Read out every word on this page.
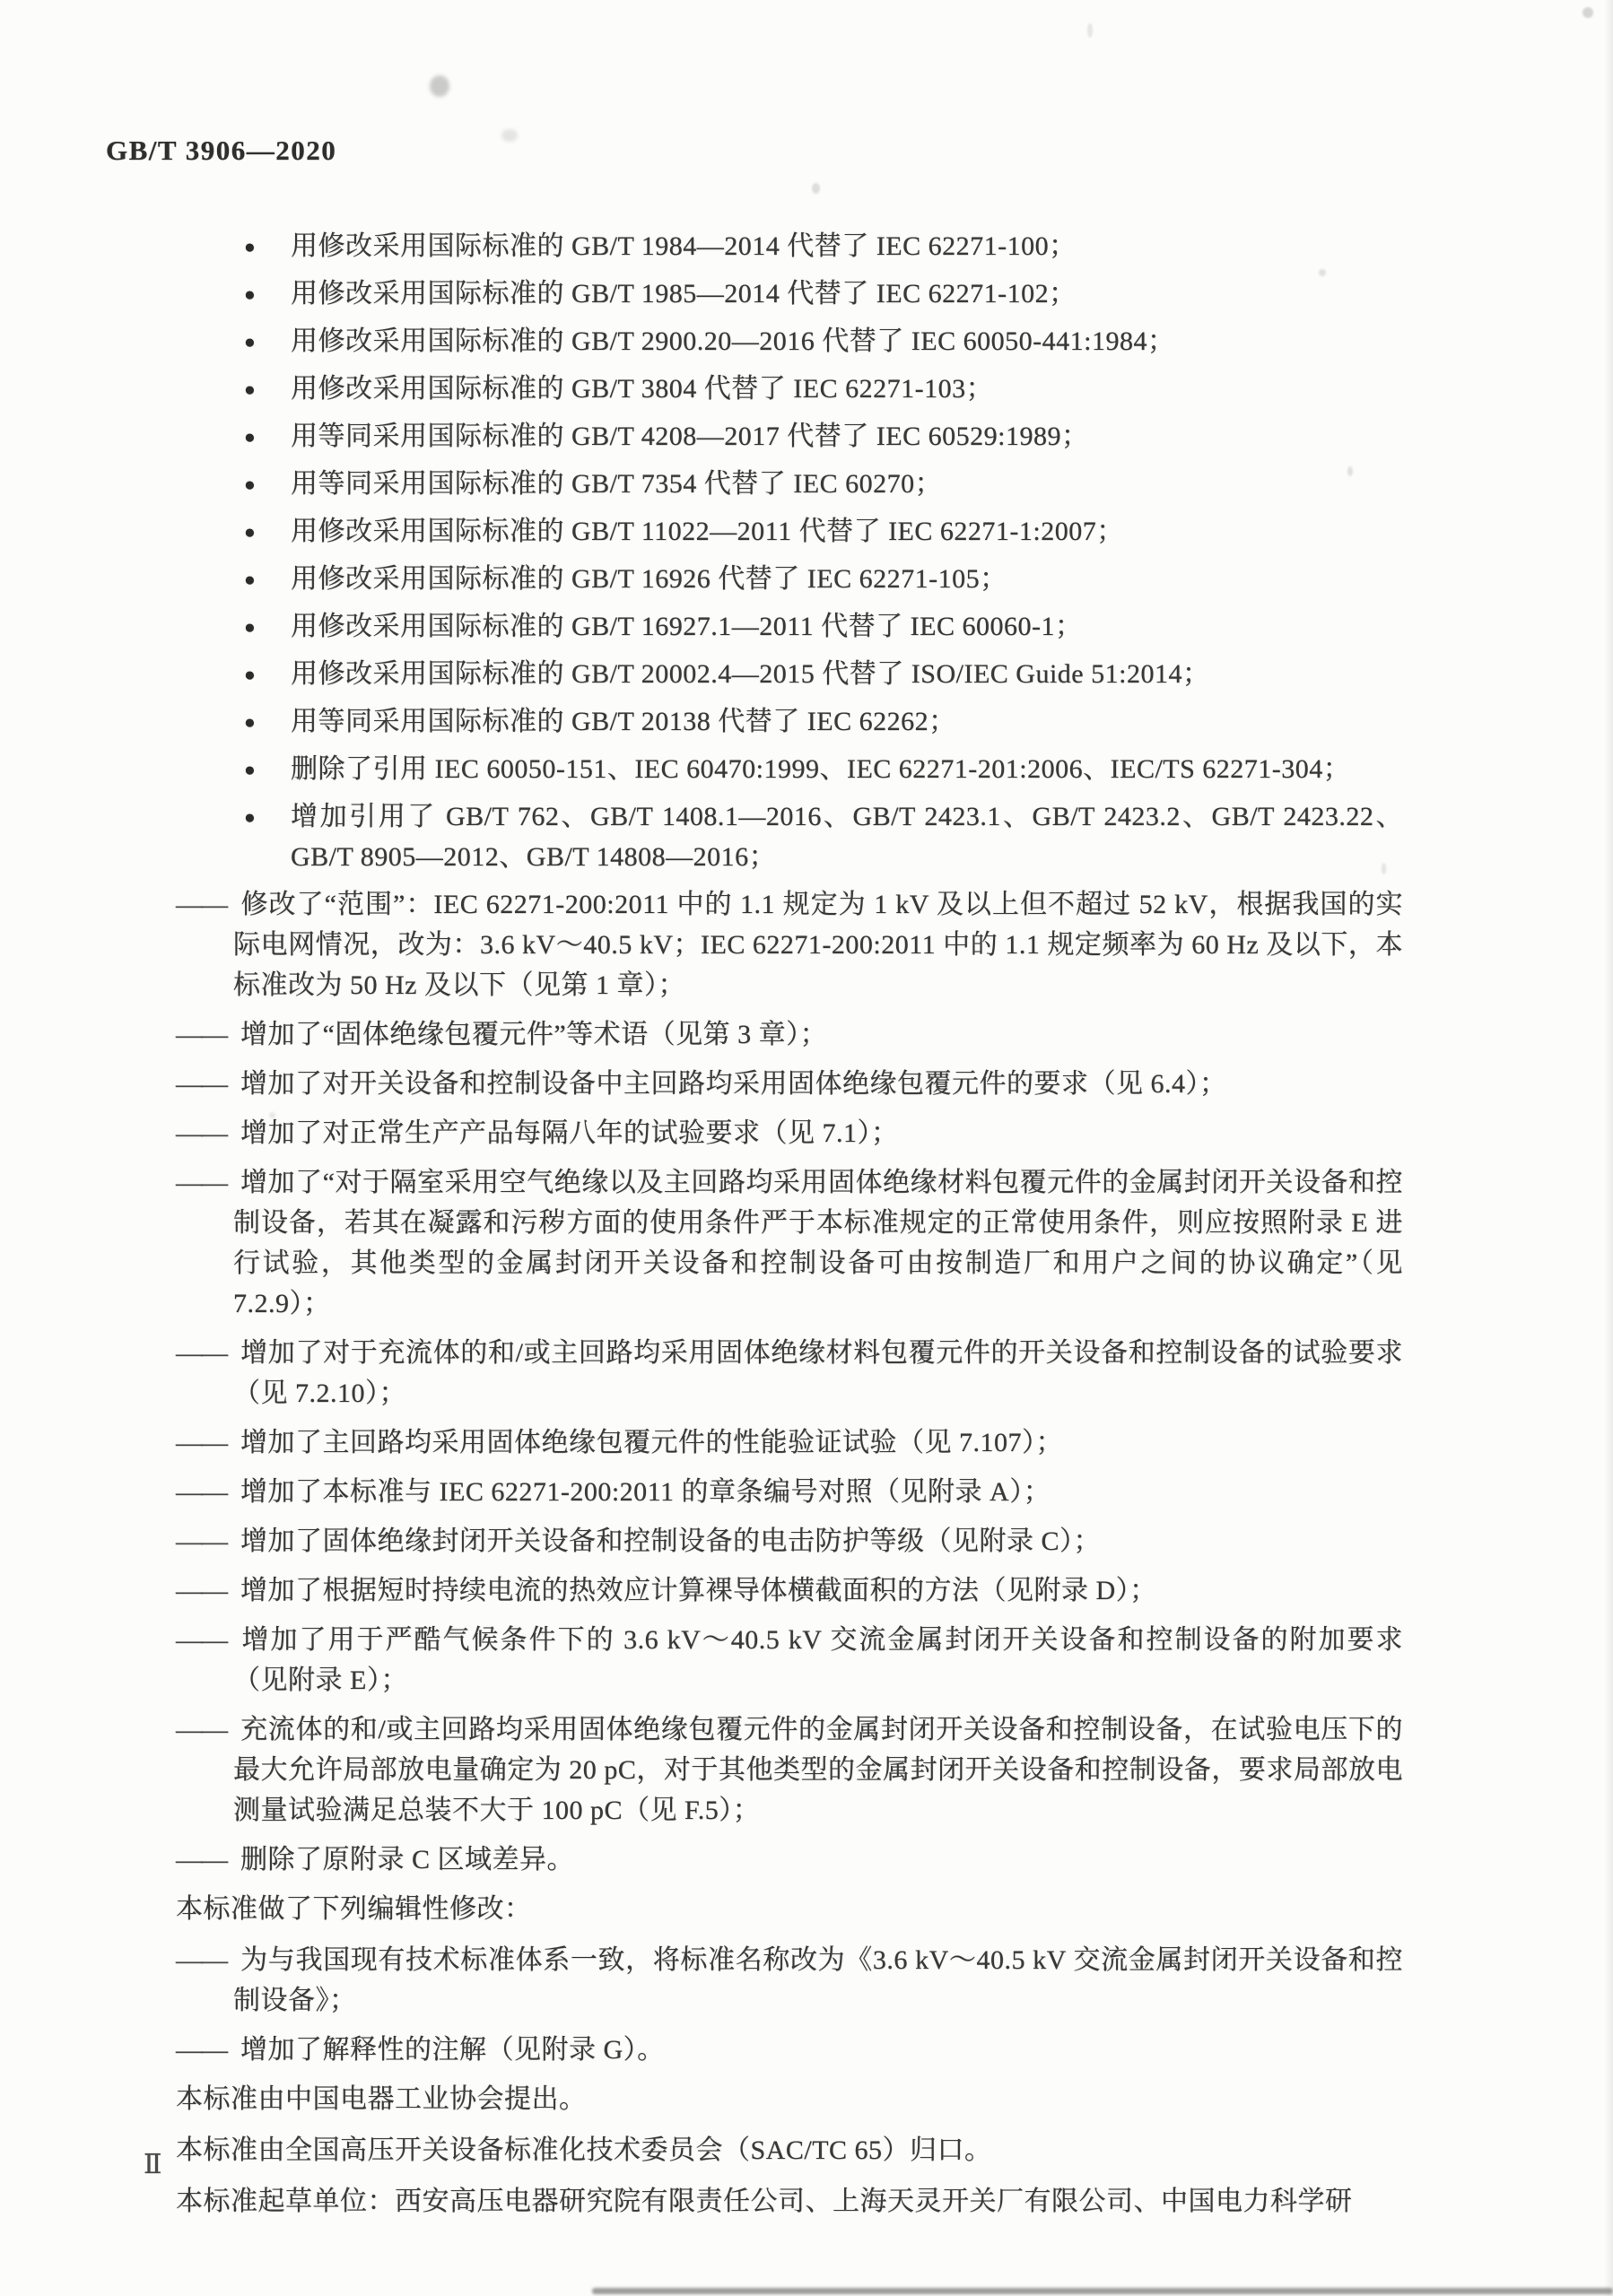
GB/T 3906—2020
● 用修改采用国际标准的 GB/T 1984—2014 代替了 IEC 62271-100；
● 用修改采用国际标准的 GB/T 1985—2014 代替了 IEC 62271-102；
● 用修改采用国际标准的 GB/T 2900.20—2016 代替了 IEC 60050-441:1984；
● 用修改采用国际标准的 GB/T 3804 代替了 IEC 62271-103；
● 用等同采用国际标准的 GB/T 4208—2017 代替了 IEC 60529:1989；
● 用等同采用国际标准的 GB/T 7354 代替了 IEC 60270；
● 用修改采用国际标准的 GB/T 11022—2011 代替了 IEC 62271-1:2007；
● 用修改采用国际标准的 GB/T 16926 代替了 IEC 62271-105；
● 用修改采用国际标准的 GB/T 16927.1—2011 代替了 IEC 60060-1；
● 用修改采用国际标准的 GB/T 20002.4—2015 代替了 ISO/IEC Guide 51:2014；
● 用等同采用国际标准的 GB/T 20138 代替了 IEC 62262；
● 删除了引用 IEC 60050-151、IEC 60470:1999、IEC 62271-201:2006、IEC/TS 62271-304；
● 增加引用了 GB/T 762、GB/T 1408.1—2016、GB/T 2423.1、GB/T 2423.2、GB/T 2423.22、GB/T 8905—2012、GB/T 14808—2016；
—— 修改了“范围”：IEC 62271-200:2011 中的 1.1 规定为 1 kV 及以上但不超过 52 kV，根据我国的实际电网情况，改为：3.6 kV～40.5 kV；IEC 62271-200:2011 中的 1.1 规定频率为 60 Hz 及以下，本标准改为 50 Hz 及以下（见第 1 章）；
—— 增加了“固体绝缘包覆元件”等术语（见第 3 章）；
—— 增加了对开关设备和控制设备中主回路均采用固体绝缘包覆元件的要求（见 6.4）；
—— 增加了对正常生产产品每隔八年的试验要求（见 7.1）；
—— 增加了“对于隔室采用空气绝缘以及主回路均采用固体绝缘材料包覆元件的金属封闭开关设备和控制设备，若其在凝露和污秽方面的使用条件严于本标准规定的正常使用条件，则应按照附录 E 进行试验，其他类型的金属封闭开关设备和控制设备可由按制造厂和用户之间的协议确定”（见 7.2.9）；
—— 增加了对于充流体的和/或主回路均采用固体绝缘材料包覆元件的开关设备和控制设备的试验要求（见 7.2.10）；
—— 增加了主回路均采用固体绝缘包覆元件的性能验证试验（见 7.107）；
—— 增加了本标准与 IEC 62271-200:2011 的章条编号对照（见附录 A）；
—— 增加了固体绝缘封闭开关设备和控制设备的电击防护等级（见附录 C）；
—— 增加了根据短时持续电流的热效应计算裸导体横截面积的方法（见附录 D）；
—— 增加了用于严酷气候条件下的 3.6 kV～40.5 kV 交流金属封闭开关设备和控制设备的附加要求（见附录 E）；
—— 充流体的和/或主回路均采用固体绝缘包覆元件的金属封闭开关设备和控制设备，在试验电压下的最大允许局部放电量确定为 20 pC，对于其他类型的金属封闭开关设备和控制设备，要求局部放电测量试验满足总装不大于 100 pC（见 F.5）；
—— 删除了原附录 C 区域差异。

本标准做了下列编辑性修改：

—— 为与我国现有技术标准体系一致，将标准名称改为《3.6 kV～40.5 kV 交流金属封闭开关设备和控制设备》；
—— 增加了解释性的注解（见附录 G）。

本标准由中国电器工业协会提出。

本标准由全国高压开关设备标准化技术委员会（SAC/TC 65）归口。

本标准起草单位：西安高压电器研究院有限责任公司、上海天灵开关厂有限公司、中国电力科学研

Ⅱ
